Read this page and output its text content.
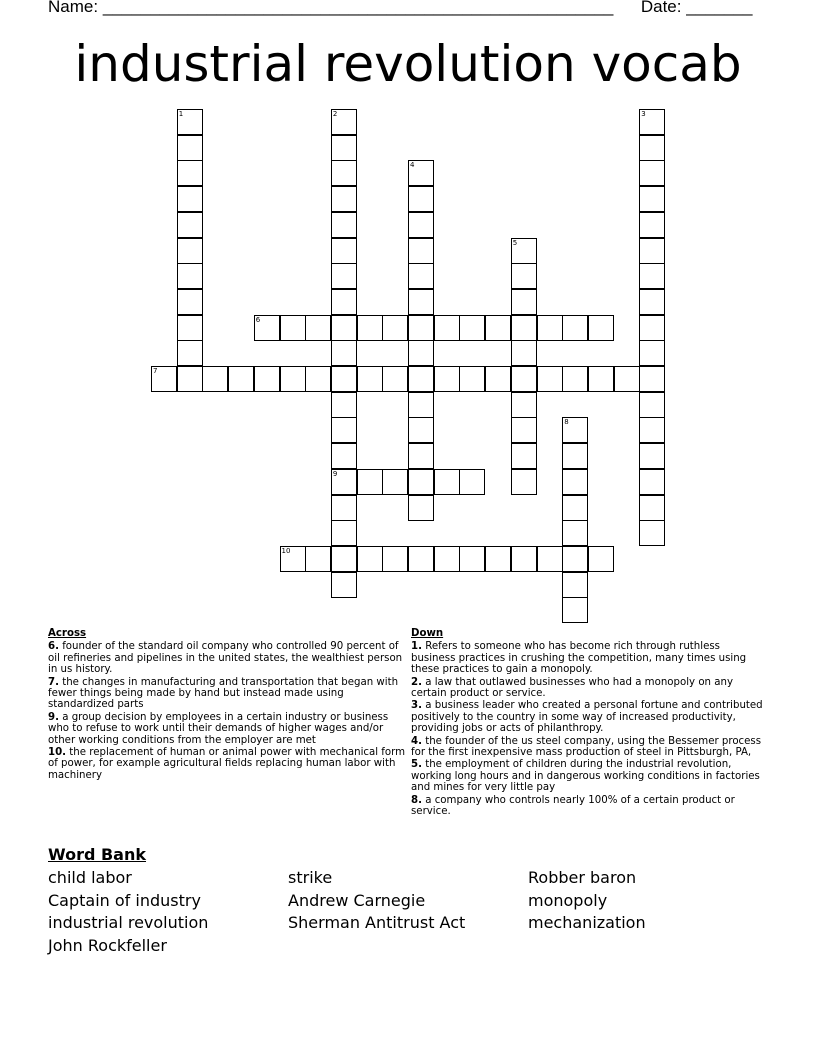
Name: ______________________________________________________ Date: _______
industrial revolution vocab
1	2	3
4
5
6
7
8
9
10
Across
6. founder of the standard oil company who controlled 90 percent of oil refineries and pipelines in the united states, the wealthiest person in us history.
7. the changes in manufacturing and transportation that began with fewer things being made by hand but instead made using standardized parts
9. a group decision by employees in a certain industry or business who to refuse to work until their demands of higher wages and/or other working conditions from the employer are met
10. the replacement of human or animal power with mechanical form of power, for example agricultural fields replacing human labor with machinery
Down
1. Refers to someone who has become rich through ruthless business practices in crushing the competition, many times using these practices to gain a monopoly.
2. a law that outlawed businesses who had a monopoly on any certain product or service.
3. a business leader who created a personal fortune and contributed positively to the country in some way of increased productivity, providing jobs or acts of philanthropy.
4. the founder of the us steel company, using the Bessemer process for the first inexpensive mass production of steel in Pittsburgh, PA,
5. the employment of children during the industrial revolution, working long hours and in dangerous working conditions in factories and mines for very little pay
8. a company who controls nearly 100% of a certain product or service.
Word Bank
child labor	strike	Robber baron
Captain of industry	Andrew Carnegie	monopoly
industrial revolution	Sherman Antitrust Act	mechanization
John Rockfeller
